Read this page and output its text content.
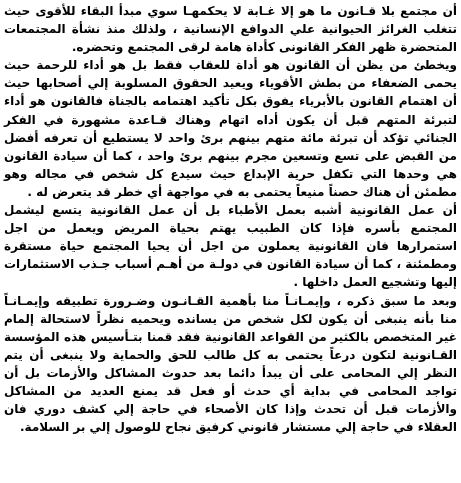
أن مجتمع بلا قـانون ما هو إلا غـابة لا يحكمهـا سوي مبدأ البقاء للأقوى حيث تتغلب الغرائز الحيوانية علي الدوافع الإنسانية ، ولذلك منذ نشأة المجتمعات المتحضرة ظهر الفكر القانونى كأداة هامة لرقى المجتمع وتحضره.

ويخطئ من يظن أن القانون هو أداة للعقاب فقط بل هو أداء للرحمة حيث يحمى الضعفاء من بطش الأقوياء ويعيد الحقوق المسلوبة إلي أصحابها حيث أن اهتمام القانون بالأبرياء يفوق بكل تأكيد اهتمامه بالجناة فالقانون هو أداء لتبرئة المتهم قبل أن يكون أداه اتهام وهناك قـاعدة مشهورة في الفكر الجنائي تؤكد أن تبرئة مائة متهم بينهم برئ واحد لا يستطيع أن تعرفه أفضل من القبض على تسع وتسعين مجرم بينهم برئ واحد ، كما أن سيادة القانون هي وحدها التي تكفل حرية الإبداع حيث سيدع كل شخص في مجاله وهو مطمئن أن هناك حصناً منيعاً يحتمى به في مواجهة أي خطر قد يتعرض له .

أن عمل القانونية أشبه بعمل الأطباء بل أن عمل القانونية يتسع ليشمل المجتمع بأسره فإذا كان الطبيب يهتم بحياة المريض ويعمل من اجل استمرارها فان القانونية يعملون من اجل أن يحيا المجتمع حياة مستقرة ومطمئنة ، كما أن سيادة القانون في دولـة من أهـم أسباب جـذب الاستثمارات إليها وتشجيع العمل داخلها .

وبعد ما سبق ذكره ، وإيمـانـاً منا بأهمية القـانـون وضـرورة تطبيقه وإيمـانـاً منا بأنه ينبغى أن يكون لكل شخص من يسانده ويحميه نظراً لاستحالة إلمام غير المتخصص بالكثير من القواعد القانونية فقد قمنا بتـأسيس هذه المؤسسة القـانونية لتكون درعاً يحتمى به كل طالب للحق والحماية ولا ينبغى أن يتم النظر إلي المحامى على أن يبدأ دائما بعد حدوث المشاكل والأزمات بل أن تواجد المحامى في بداية أي حدث أو فعل قد يمنع العديد من المشاكل والأزمات قبل أن تحدث وإذا كان الأصحاء في حاجة إلي كشف دوري فان العقلاء في حاجة إلي مستشار قانوني كرفيق نجاح للوصول إلي بر السلامة.
